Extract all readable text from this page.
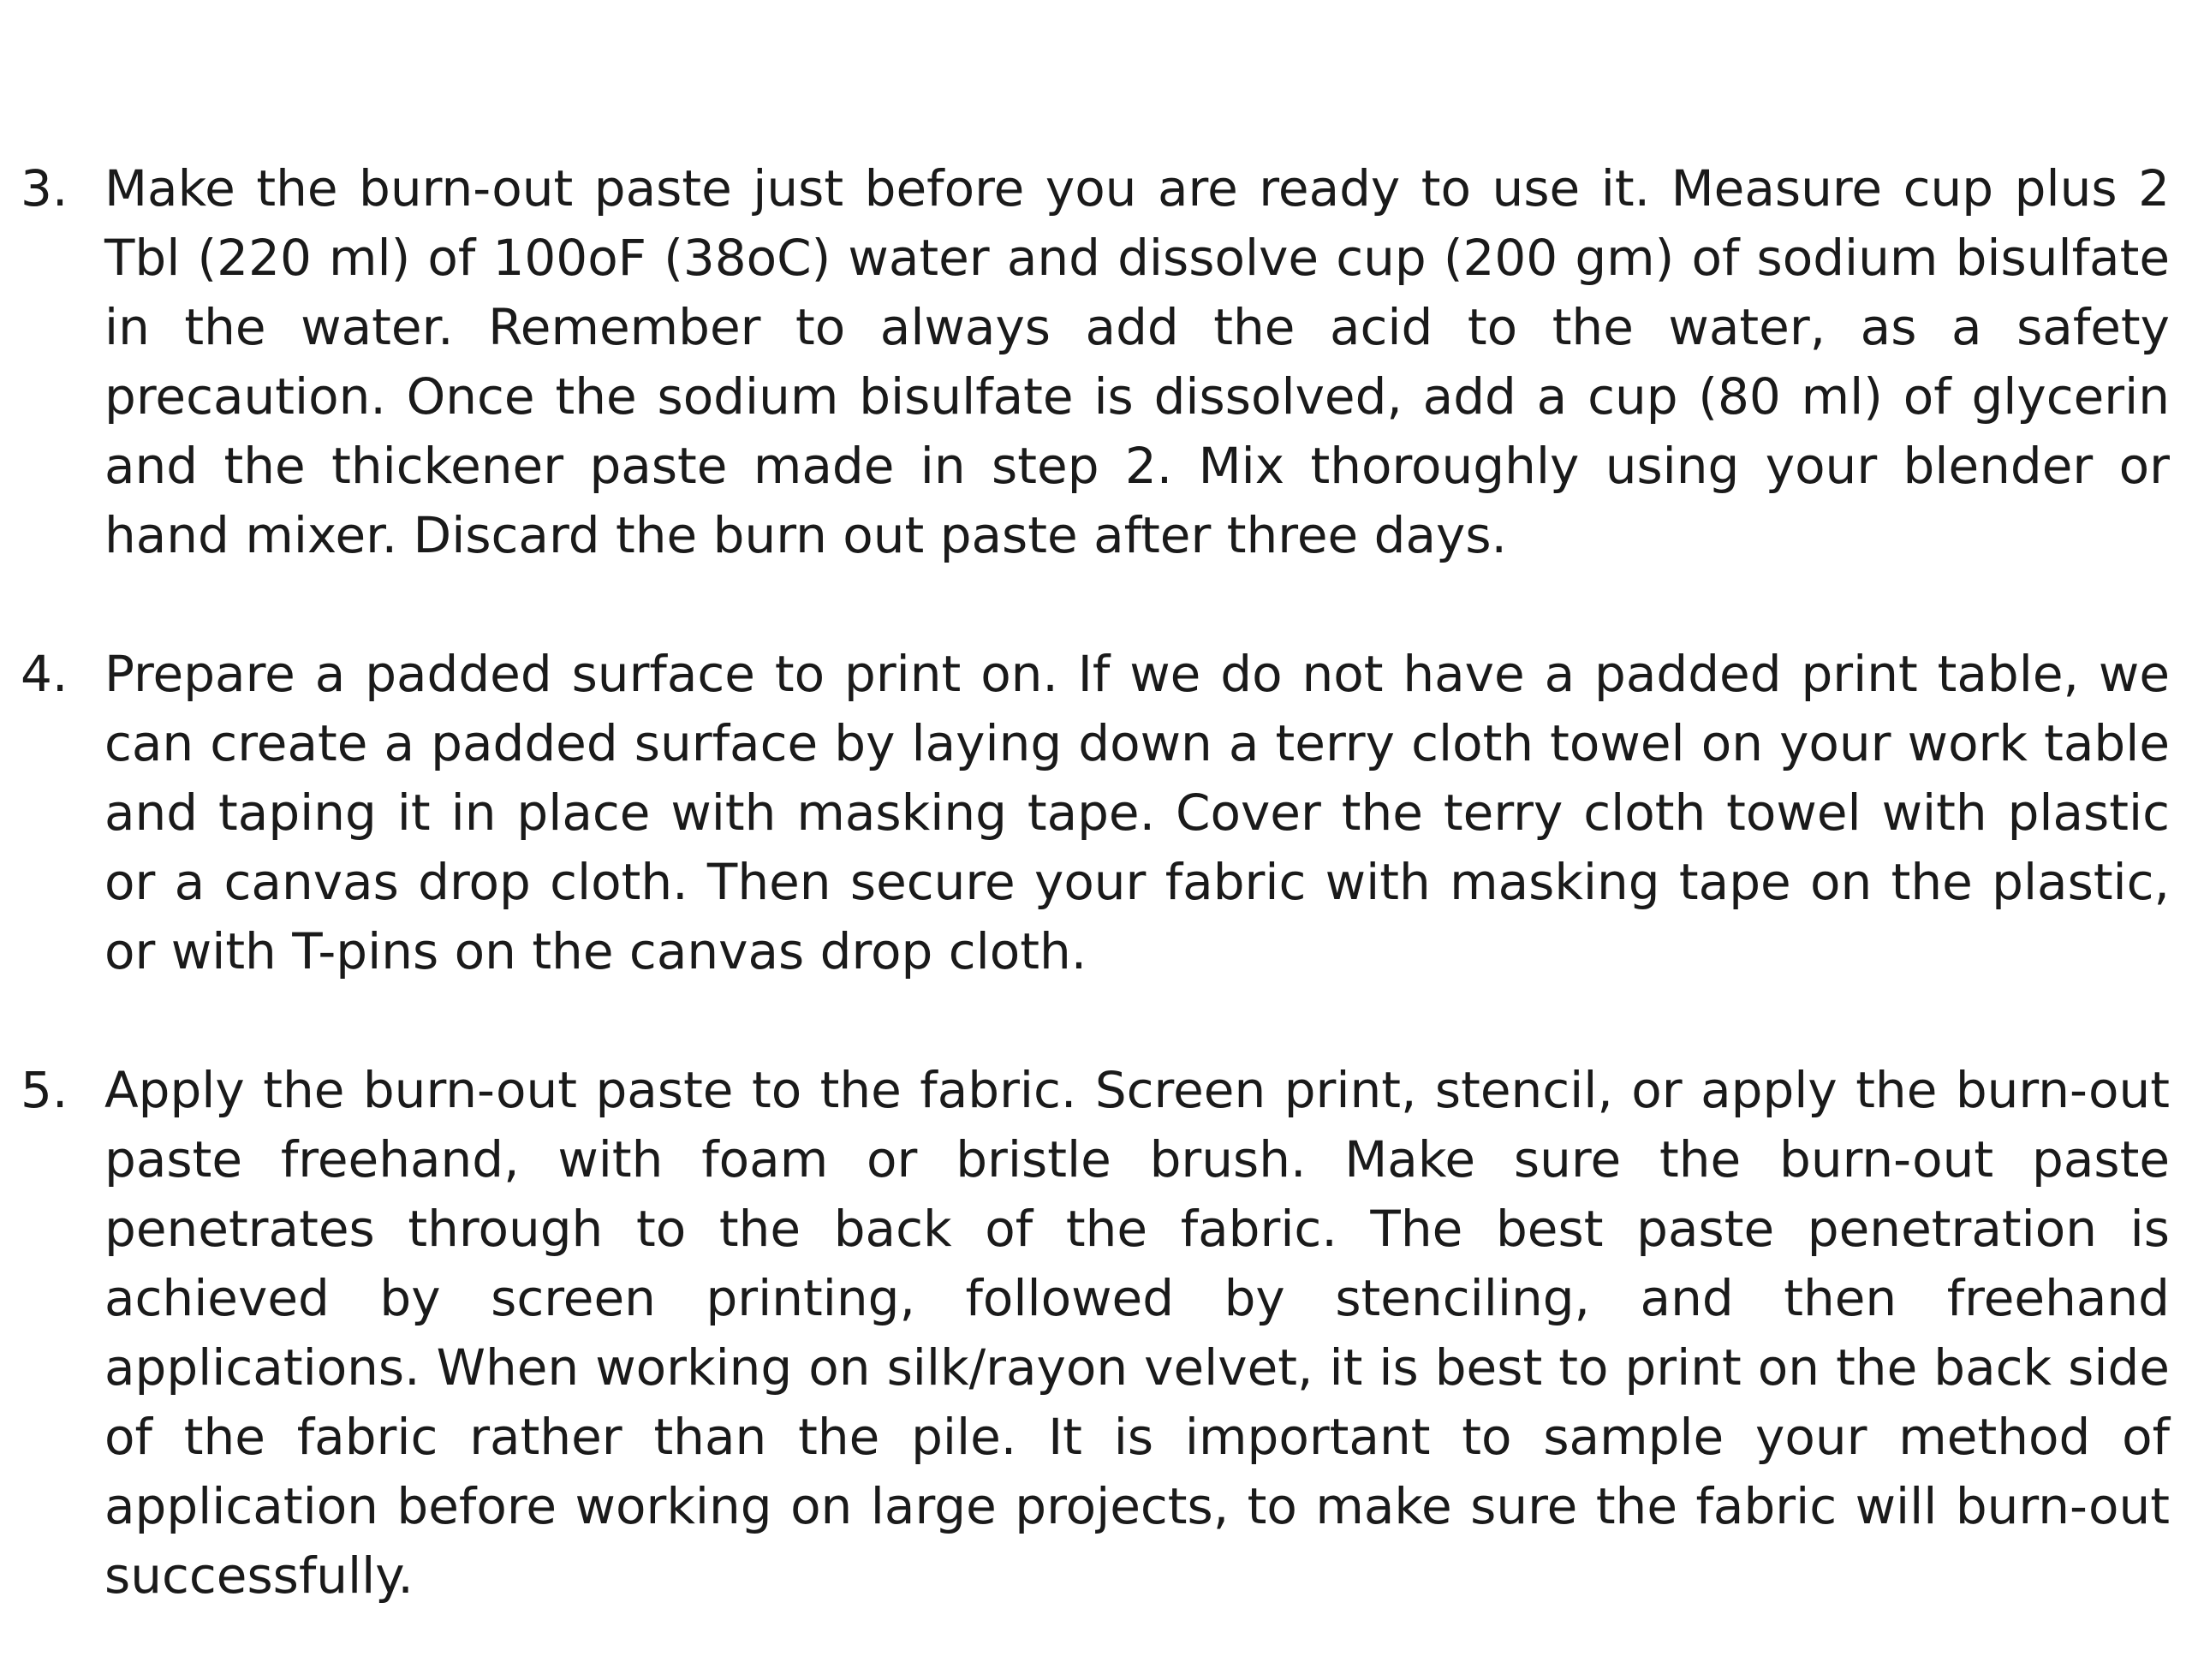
3. Make the burn-out paste just before you are ready to use it. Measure cup plus 2 Tbl (220 ml) of 100oF (38oC) water and dissolve cup (200 gm) of sodium bisulfate in the water. Remember to always add the acid to the water, as a safety precaution. Once the sodium bisulfate is dissolved, add a cup (80 ml) of glycerin and the thickener paste made in step 2. Mix thoroughly using your blender or hand mixer. Discard the burn out paste after three days.
4. Prepare a padded surface to print on. If we do not have a padded print table, we can create a padded surface by laying down a terry cloth towel on your work table and taping it in place with masking tape. Cover the terry cloth towel with plastic or a canvas drop cloth. Then secure your fabric with masking tape on the plastic, or with T-pins on the canvas drop cloth.
5. Apply the burn-out paste to the fabric. Screen print, stencil, or apply the burn-out paste freehand, with foam or bristle brush. Make sure the burn-out paste penetrates through to the back of the fabric. The best paste penetration is achieved by screen printing, followed by stenciling, and then freehand applications. When working on silk/rayon velvet, it is best to print on the back side of the fabric rather than the pile. It is important to sample your method of application before working on large projects, to make sure the fabric will burn-out successfully.
